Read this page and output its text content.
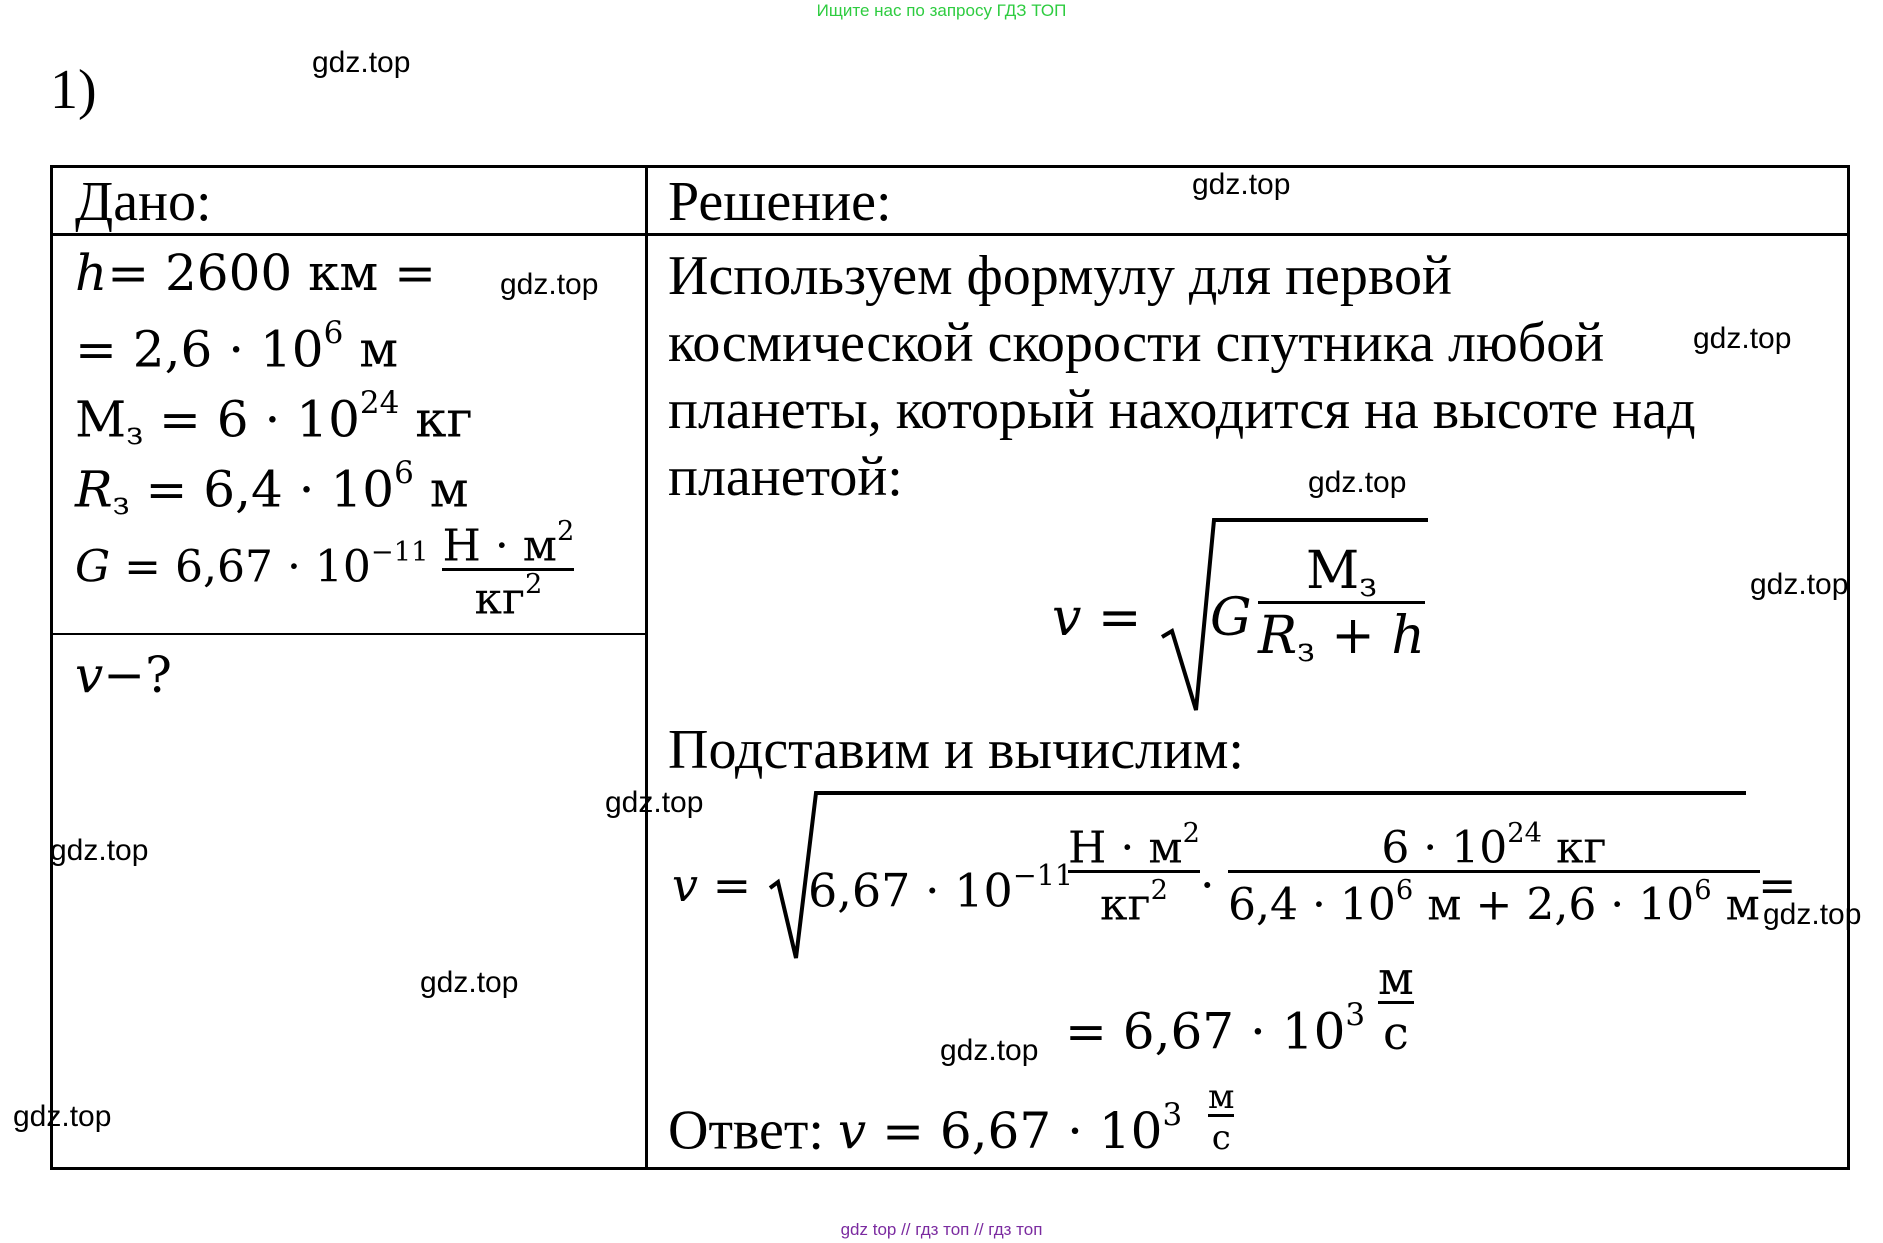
Ищите нас по запросу ГДЗ ТОП
1)
Дано:	Решение:
h= 2600 км =
= $2,6 \cdot 10^6$ м
$M_з = 6 \cdot 10^{24}$ кг
$R_з = 6,4 \cdot 10^6$ м
$G = 6,67 \cdot 10^{-11} \frac{Н \cdot м^2}{кг^2}$
v−?
Используем формулу для первой
космической скорости спутника любой
планеты, который находится на высоте над
планетой:
v = G $\frac{M_з}{R_з + h}$
Подставим и вычислим:
$v = 6,67 \cdot 10^{-11}$
$\frac{Н \cdot м^2}{кг^2} \cdot \frac{6 \cdot 10^{24} кг}{6,4 \cdot 10^6 м + 2,6 \cdot 10^6 м}$
=
= $6,67 \cdot 10^3 \frac{м}{с}$
Ответ: $v = 6,67 \cdot 10^3 \frac{м}{с}$
gdz.top
gdz.top
gdz.top
gdz.top
gdz.top
gdz.top
gdz.top
gdz.top
gdz.top
gdz.top
gdz.top
gdz.top
gdz top // гдз топ // гдз топ
